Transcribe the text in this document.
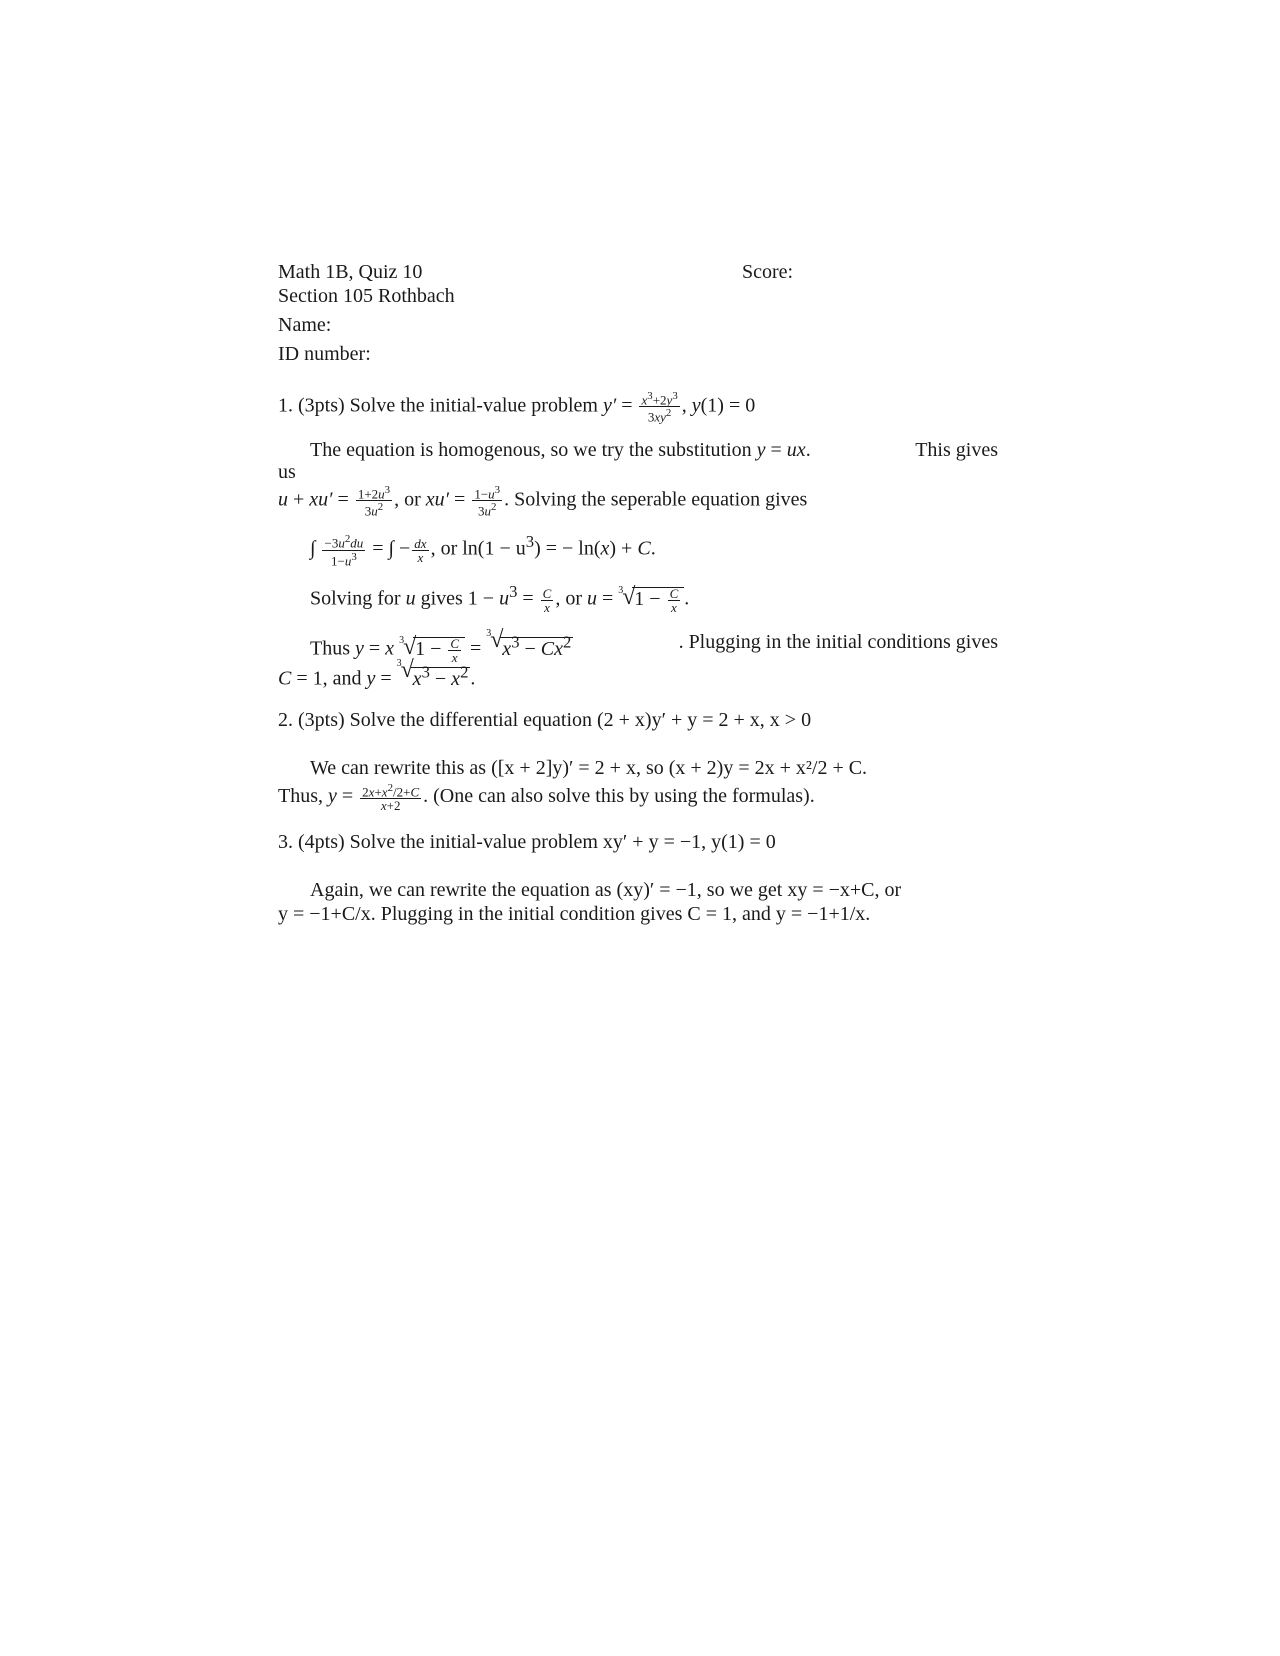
Math 1B, Quiz 10	Score:
Section 105 Rothbach
Name:
ID number:
1. (3pts) Solve the initial-value problem $y' = \frac{x^3+2y^3}{3xy^2}$ , y(1) = 0
The equation is homogenous, so we try the substitution y = ux.	This gives
us
$u + xu' = \frac{1+2u^3}{3u^2}$ , or $xu' = \frac{1-u^3}{3u^2}$ . Solving the seperable equation gives
∫ $\frac{-3u^2du}{1-u^3}$ = ∫ − $\frac{dx}{x}$ , or $\ln(1 - u^3)$ = − ln(x) + C.
Solving for u gives $1 - u^3 = \frac{C}{x}$ , or u = 3 √
$1 - \frac{C}{x}$ .
Thus y = x 3 √
$1 - \frac{C}{x}$ =
3 √
$x^3 - Cx^2$	. Plugging in the initial conditions gives
C = 1, and y =
3 √
$x^3 - x^2$ .
2. (3pts) Solve the differential equation (2 + x)y′ + y = 2 + x, x > 0
We can rewrite this as ([x + 2]y)′ = 2 + x, so (x + 2)y = 2x + x²/2 + C.
Thus, $y = \frac{2x+x^2/2+C}{x+2}$ . (One can also solve this by using the formulas).
3. (4pts) Solve the initial-value problem xy′ + y = −1, y(1) = 0
Again, we can rewrite the equation as (xy)′ = −1, so we get xy = −x+C, or
y = −1+C/x. Plugging in the initial condition gives C = 1, and y = −1+1/x.
